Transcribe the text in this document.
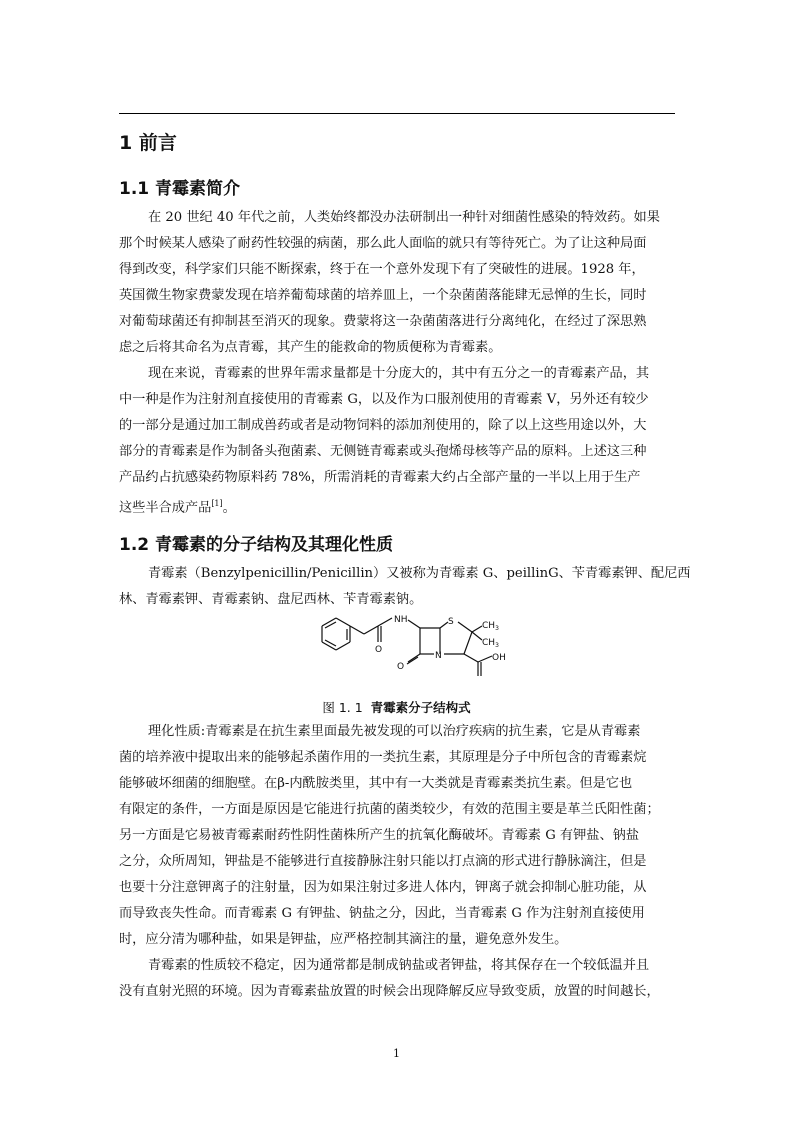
1 前言
1.1 青霉素简介

在 20 世纪 40 年代之前，人类始终都没办法研制出一种针对细菌性感染的特效药。如果

那个时候某人感染了耐药性较强的病菌，那么此人面临的就只有等待死亡。为了让这种局面

得到改变，科学家们只能不断探索，终于在一个意外发现下有了突破性的进展。1928 年，

英国微生物家费蒙发现在培养葡萄球菌的培养皿上，一个杂菌菌落能肆无忌惮的生长，同时

对葡萄球菌还有抑制甚至消灭的现象。费蒙将这一杂菌菌落进行分离纯化，在经过了深思熟

虑之后将其命名为点青霉，其产生的能救命的物质便称为青霉素。

现在来说，青霉素的世界年需求量都是十分庞大的，其中有五分之一的青霉素产品，其

中一种是作为注射剂直接使用的青霉素 G，以及作为口服剂使用的青霉素 V，另外还有较少

的一部分是通过加工制成兽药或者是动物饲料的添加剂使用的，除了以上这些用途以外，大

部分的青霉素是作为制备头孢菌素、无侧链青霉素或头孢烯母核等产品的原料。上述这三种

产品约占抗感染药物原料药 78%，所需消耗的青霉素大约占全部产量的一半以上用于生产

这些半合成产品[1]。

1.2 青霉素的分子结构及其理化性质

青霉素（Benzylpenicillin/Penicillin）又被称为青霉素 G、peillinG、苄青霉素钾、配尼西

林、青霉素钾、青霉素钠、盘尼西林、苄青霉素钠。

O
NH
N
O
S	$CH_3$
$CH_3$
OH

图 1. 1 青霉素分子结构式

理化性质:青霉素是在抗生素里面最先被发现的可以治疗疾病的抗生素，它是从青霉素

菌的培养液中提取出来的能够起杀菌作用的一类抗生素，其原理是分子中所包含的青霉素烷

能够破坏细菌的细胞壁。在β-内酰胺类里，其中有一大类就是青霉素类抗生素。但是它也

有限定的条件，一方面是原因是它能进行抗菌的菌类较少，有效的范围主要是革兰氏阳性菌；

另一方面是它易被青霉素耐药性阴性菌株所产生的抗氧化酶破坏。青霉素 G 有钾盐、钠盐

之分，众所周知，钾盐是不能够进行直接静脉注射只能以打点滴的形式进行静脉滴注，但是

也要十分注意钾离子的注射量，因为如果注射过多进人体内，钾离子就会抑制心脏功能，从

而导致丧失性命。而青霉素 G 有钾盐、钠盐之分，因此，当青霉素 G 作为注射剂直接使用

时，应分清为哪种盐，如果是钾盐，应严格控制其滴注的量，避免意外发生。

青霉素的性质较不稳定，因为通常都是制成钠盐或者钾盐，将其保存在一个较低温并且

没有直射光照的环境。因为青霉素盐放置的时候会出现降解反应导致变质，放置的时间越长，

1
